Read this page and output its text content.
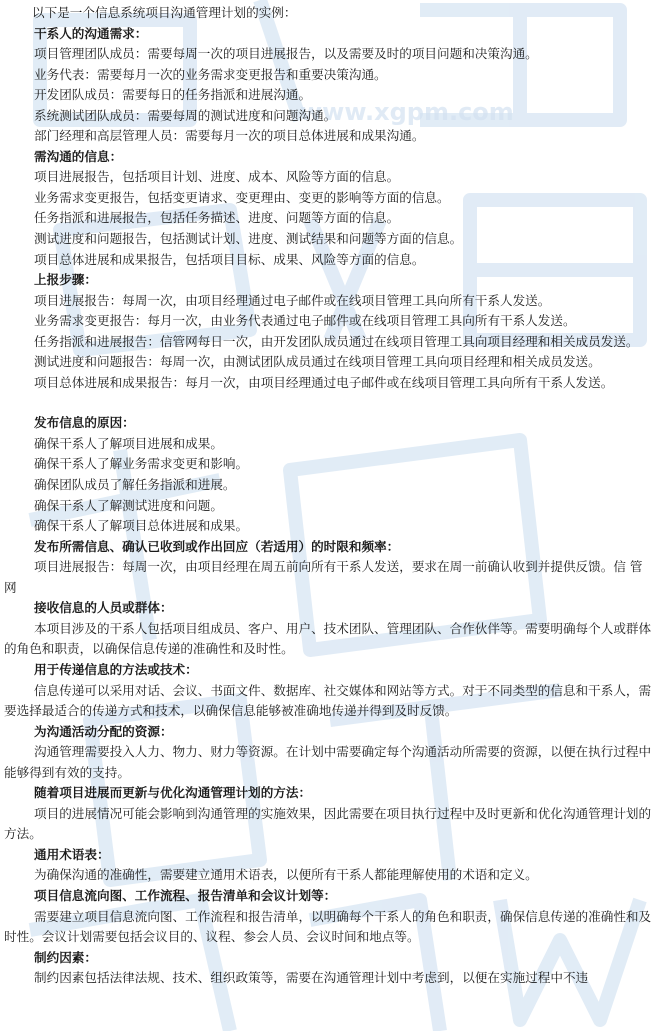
www.xgpm.com

以下是一个信息系统项目沟通管理计划的实例：

干系人的沟通需求：

项目管理团队成员：需要每周一次的项目进展报告，以及需要及时的项目问题和决策沟通。

业务代表：需要每月一次的业务需求变更报告和重要决策沟通。

开发团队成员：需要每日的任务指派和进展沟通。

系统测试团队成员：需要每周的测试进度和问题沟通。

部门经理和高层管理人员：需要每月一次的项目总体进展和成果沟通。

需沟通的信息：

项目进展报告，包括项目计划、进度、成本、风险等方面的信息。

业务需求变更报告，包括变更请求、变更理由、变更的影响等方面的信息。

任务指派和进展报告，包括任务描述、进度、问题等方面的信息。

测试进度和问题报告，包括测试计划、进度、测试结果和问题等方面的信息。

项目总体进展和成果报告，包括项目目标、成果、风险等方面的信息。

上报步骤：

项目进展报告：每周一次，由项目经理通过电子邮件或在线项目管理工具向所有干系人发送。

业务需求变更报告：每月一次，由业务代表通过电子邮件或在线项目管理工具向所有干系人发送。

任务指派和进展报告：信管网每日一次，由开发团队成员通过在线项目管理工具向项目经理和相关成员发送。

测试进度和问题报告：每周一次，由测试团队成员通过在线项目管理工具向项目经理和相关成员发送。

项目总体进展和成果报告：每月一次，由项目经理通过电子邮件或在线项目管理工具向所有干系人发送。

发布信息的原因：

确保干系人了解项目进展和成果。

确保干系人了解业务需求变更和影响。

确保团队成员了解任务指派和进展。

确保干系人了解测试进度和问题。

确保干系人了解项目总体进展和成果。

发布所需信息、确认已收到或作出回应（若适用）的时限和频率：

项目进展报告：每周一次，由项目经理在周五前向所有干系人发送，要求在周一前确认收到并提供反馈。信 管 网

接收信息的人员或群体：

本项目涉及的干系人包括项目组成员、客户、用户、技术团队、管理团队、合作伙伴等。需要明确每个人或群体的角色和职责，以确保信息传递的准确性和及时性。

用于传递信息的方法或技术：

信息传递可以采用对话、会议、书面文件、数据库、社交媒体和网站等方式。对于不同类型的信息和干系人，需要选择最适合的传递方式和技术，以确保信息能够被准确地传递并得到及时反馈。

为沟通活动分配的资源：

沟通管理需要投入人力、物力、财力等资源。在计划中需要确定每个沟通活动所需要的资源，以便在执行过程中能够得到有效的支持。

随着项目进展而更新与优化沟通管理计划的方法：

项目的进展情况可能会影响到沟通管理的实施效果，因此需要在项目执行过程中及时更新和优化沟通管理计划的方法。

通用术语表：

为确保沟通的准确性，需要建立通用术语表，以便所有干系人都能理解使用的术语和定义。

项目信息流向图、工作流程、报告清单和会议计划等：

需要建立项目信息流向图、工作流程和报告清单，以明确每个干系人的角色和职责，确保信息传递的准确性和及时性。会议计划需要包括会议目的、议程、参会人员、会议时间和地点等。

制约因素：

制约因素包括法律法规、技术、组织政策等，需要在沟通管理计划中考虑到，以便在实施过程中不违
